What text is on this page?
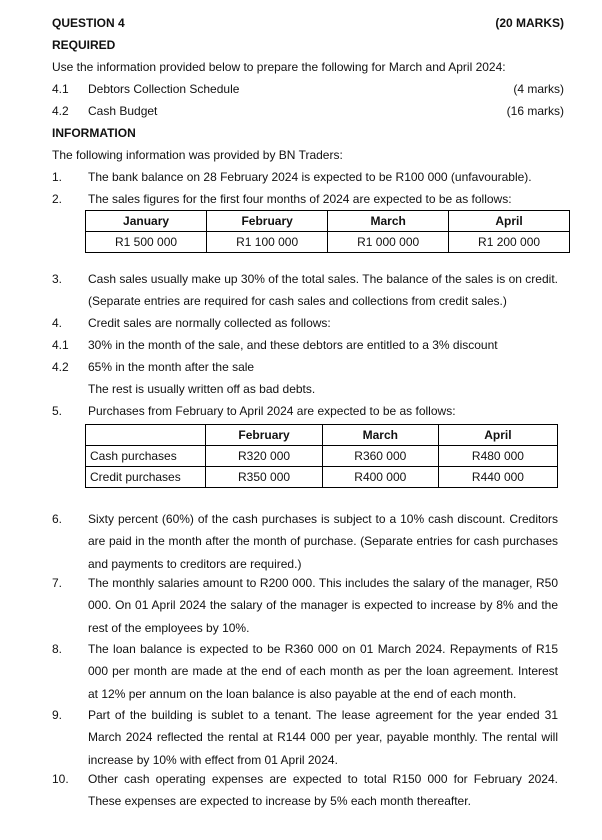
QUESTION 4	(20 MARKS)
REQUIRED
Use the information provided below to prepare the following for March and April 2024:
4.1 Debtors Collection Schedule	(4 marks)
4.2 Cash Budget	(16 marks)
INFORMATION
The following information was provided by BN Traders:
1. The bank balance on 28 February 2024 is expected to be R100 000 (unfavourable).
2. The sales figures for the first four months of 2024 are expected to be as follows:
January	February	March	April
R1 500 000	R1 100 000	R1 000 000	R1 200 000
3. Cash sales usually make up 30% of the total sales. The balance of the sales is on credit. (Separate entries are required for cash sales and collections from credit sales.)
4. Credit sales are normally collected as follows:
4.1 30% in the month of the sale, and these debtors are entitled to a 3% discount
4.2 65% in the month after the sale
The rest is usually written off as bad debts.
5. Purchases from February to April 2024 are expected to be as follows:
	February	March	April
Cash purchases	R320 000	R360 000	R480 000
Credit purchases	R350 000	R400 000	R440 000
6. Sixty percent (60%) of the cash purchases is subject to a 10% cash discount. Creditors are paid in the month after the month of purchase. (Separate entries for cash purchases and payments to creditors are required.)
7. The monthly salaries amount to R200 000. This includes the salary of the manager, R50 000. On 01 April 2024 the salary of the manager is expected to increase by 8% and the rest of the employees by 10%.
8. The loan balance is expected to be R360 000 on 01 March 2024. Repayments of R15 000 per month are made at the end of each month as per the loan agreement. Interest at 12% per annum on the loan balance is also payable at the end of each month.
9. Part of the building is sublet to a tenant. The lease agreement for the year ended 31 March 2024 reflected the rental at R144 000 per year, payable monthly. The rental will increase by 10% with effect from 01 April 2024.
10. Other cash operating expenses are expected to total R150 000 for February 2024. These expenses are expected to increase by 5% each month thereafter.
